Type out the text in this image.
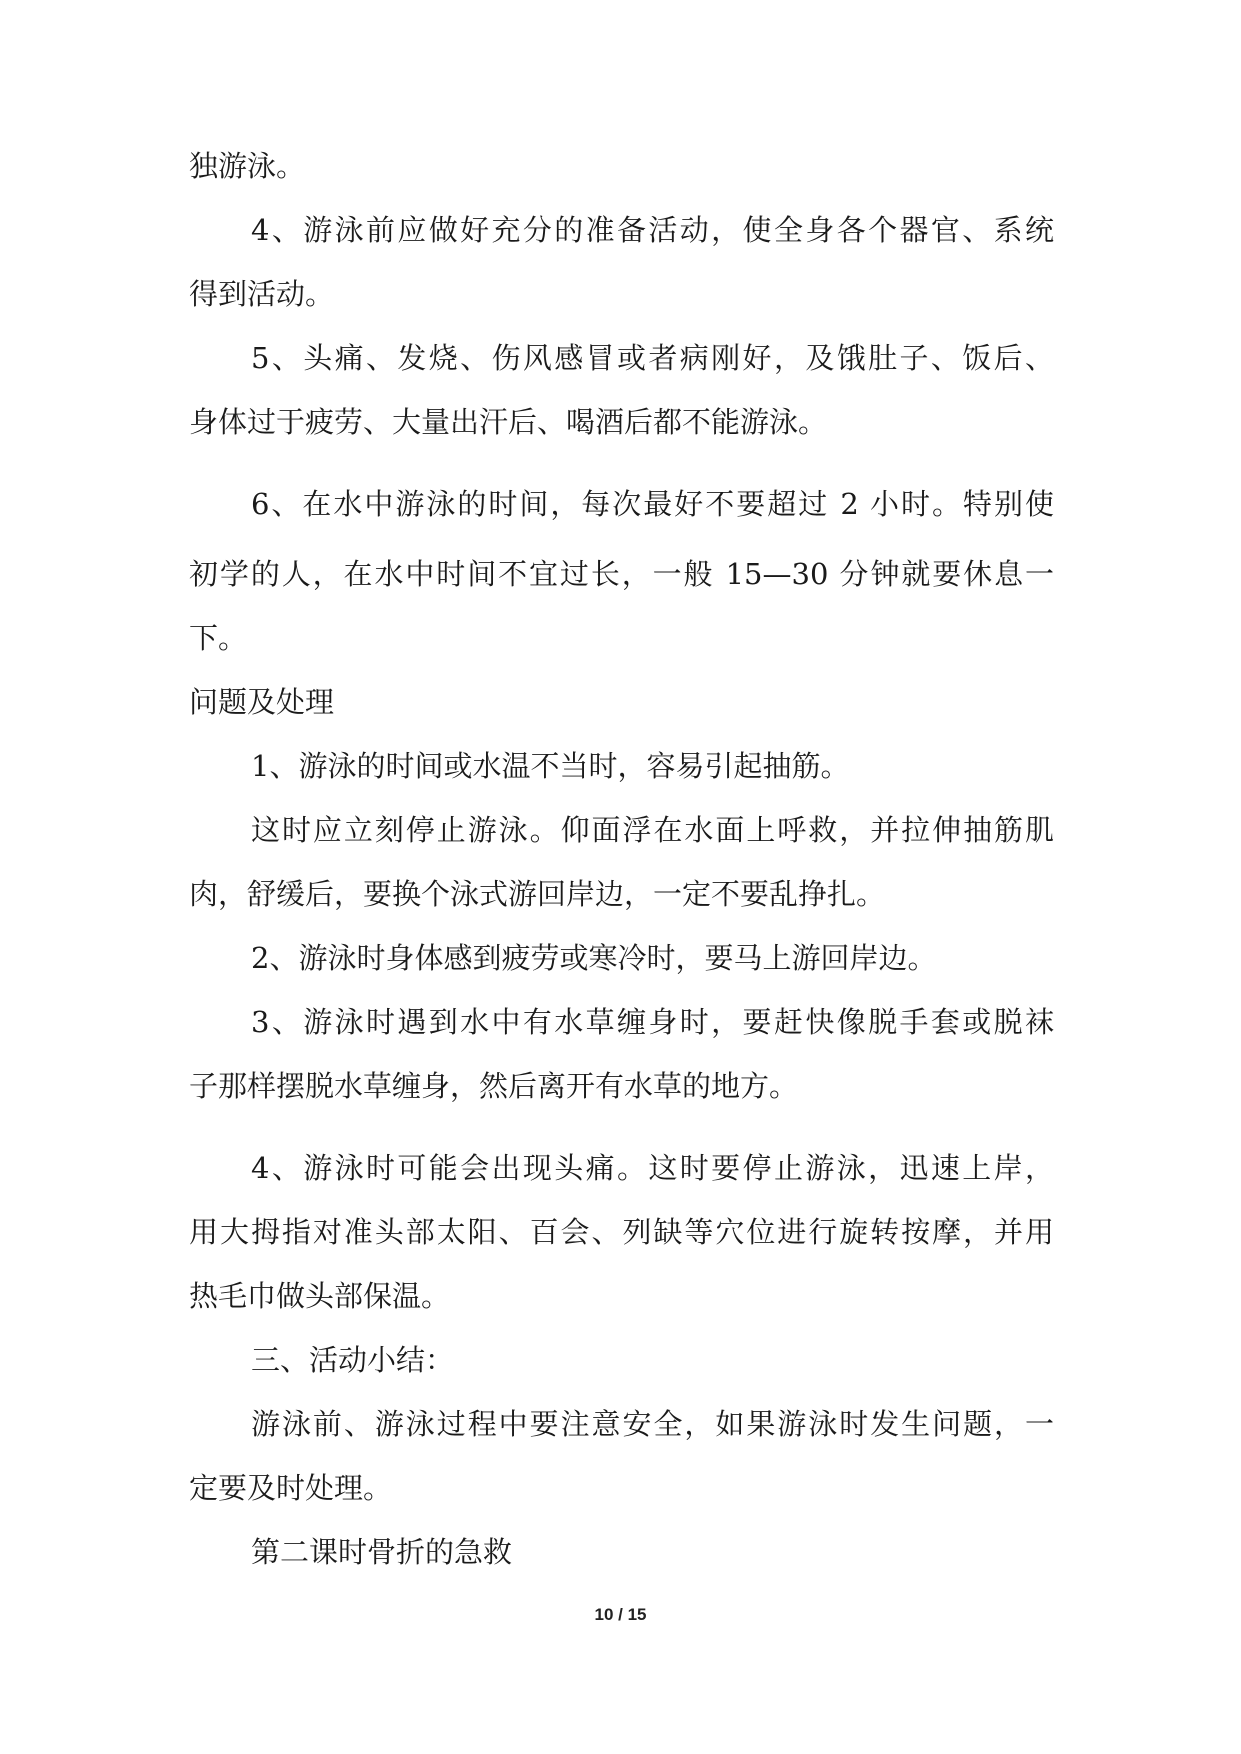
独游泳。
4、游泳前应做好充分的准备活动，使全身各个器官、系统
得到活动。
5、头痛、发烧、伤风感冒或者病刚好，及饿肚子、饭后、
身体过于疲劳、大量出汗后、喝酒后都不能游泳。
6、在水中游泳的时间，每次最好不要超过 2 小时。特别使
初学的人，在水中时间不宜过长，一般 15—30 分钟就要休息一
下。
问题及处理
1、游泳的时间或水温不当时，容易引起抽筋。
这时应立刻停止游泳。仰面浮在水面上呼救，并拉伸抽筋肌
肉，舒缓后，要换个泳式游回岸边，一定不要乱挣扎。
2、游泳时身体感到疲劳或寒冷时，要马上游回岸边。
3、游泳时遇到水中有水草缠身时，要赶快像脱手套或脱袜
子那样摆脱水草缠身，然后离开有水草的地方。
4、游泳时可能会出现头痛。这时要停止游泳，迅速上岸，
用大拇指对准头部太阳、百会、列缺等穴位进行旋转按摩，并用
热毛巾做头部保温。
三、活动小结：
游泳前、游泳过程中要注意安全，如果游泳时发生问题，一
定要及时处理。
第二课时骨折的急救
10 / 15
